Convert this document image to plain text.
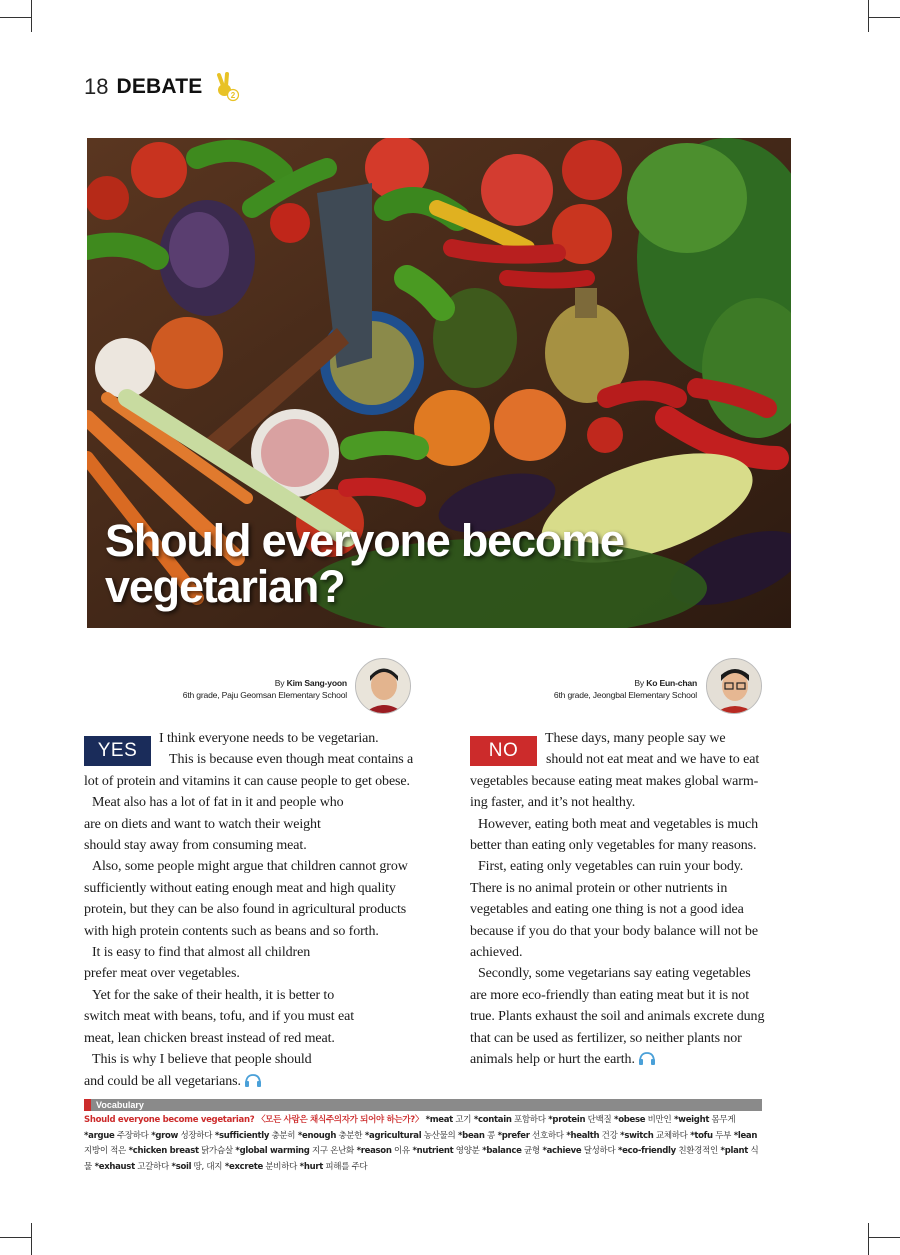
18 DEBATE	2
Should everyone become
vegetarian?
By Kim Sang-yoon
6th grade, Paju Geomsan Elementary School
By Ko Eun-chan
6th grade, Jeongbal Elementary School
YES

I think everyone needs to be vegetarian.

This is because even though meat contains a

lot of protein and vitamins it can cause people to get obese.

Meat also has a lot of fat in it and people who

are on diets and want to watch their weight

should stay away from consuming meat.

Also, some people might argue that children cannot grow

sufficiently without eating enough meat and high quality

protein, but they can be also found in agricultural products

with high protein contents such as beans and so forth.

It is easy to find that almost all children

prefer meat over vegetables.

Yet for the sake of their health, it is better to

switch meat with beans, tofu, and if you must eat

meat, lean chicken breast instead of red meat.

This is why I believe that people should

and could be all vegetarians.

NO

These days, many people say we

should not eat meat and we have to eat

vegetables because eating meat makes global warm-

ing faster, and it’s not healthy.

However, eating both meat and vegetables is much

better than eating only vegetables for many reasons.

First, eating only vegetables can ruin your body.

There is no animal protein or other nutrients in

vegetables and eating one thing is not a good idea

because if you do that your body balance will not be

achieved.

Secondly, some vegetarians say eating vegetables

are more eco-friendly than eating meat but it is not

true. Plants exhaust the soil and animals excrete dung

that can be used as fertilizer, so neither plants nor

animals help or hurt the earth.

Vocabulary
Should everyone become vegetarian? 〈모든 사람은 채식주의자가 되어야 하는가?〉 *meat 고기 *contain 포함하다 *protein 단백질 *obese 비만인 *weight 몸무게 *argue 주장하다 *grow 성장하다 *sufficiently 충분히 *enough 충분한 *agricultural 농산물의 *bean 콩 *prefer 선호하다 *health 건강 *switch 교체하다 *tofu 두부 *lean 지방이 적은 *chicken breast 닭가슴살 *global warming 지구 온난화 *reason 이유 *nutrient 영양분 *balance 균형 *achieve 달성하다 *eco-friendly 친환경적인 *plant 식물 *exhaust 고갈하다 *soil 땅, 대지 *excrete 분비하다 *hurt 피해를 주다
